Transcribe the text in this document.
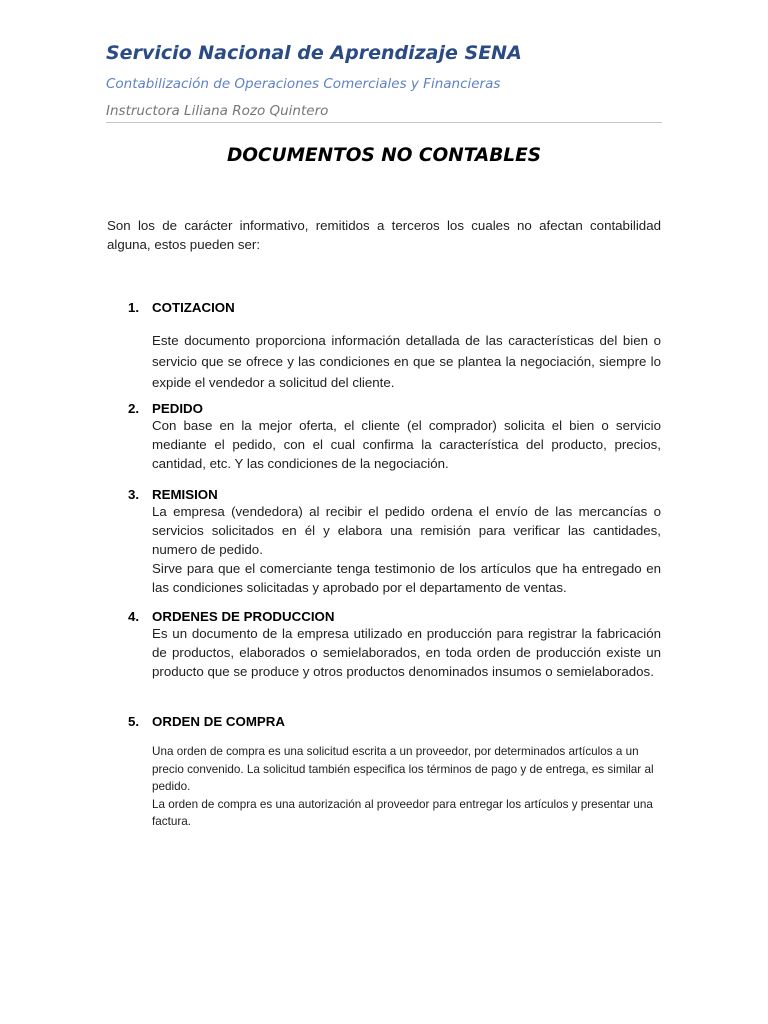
Servicio Nacional de Aprendizaje SENA
Contabilización de Operaciones Comerciales y Financieras
Instructora Liliana Rozo Quintero
DOCUMENTOS NO CONTABLES
Son los de carácter informativo, remitidos a terceros los cuales no afectan contabilidad alguna, estos pueden ser:
1. COTIZACION

Este documento proporciona información detallada de las características del bien o servicio que se ofrece y las condiciones en que se plantea la negociación, siempre lo expide el vendedor a solicitud del cliente.

2. PEDIDO

Con base en la mejor oferta, el cliente (el comprador) solicita el bien o servicio mediante el pedido, con el cual confirma la característica del producto, precios, cantidad, etc. Y las condiciones de la negociación.

3. REMISION

La empresa (vendedora) al recibir el pedido ordena el envío de las mercancías o servicios solicitados en él y elabora una remisión para verificar las cantidades, numero de pedido.

Sirve para que el comerciante tenga testimonio de los artículos que ha entregado en las condiciones solicitadas y aprobado por el departamento de ventas.

4. ORDENES DE PRODUCCION

Es un documento de la empresa utilizado en producción para registrar la fabricación de productos, elaborados o semielaborados, en toda orden de producción existe un producto que se produce y otros productos denominados insumos o semielaborados.

5. ORDEN DE COMPRA

Una orden de compra es una solicitud escrita a un proveedor, por determinados artículos a un precio convenido. La solicitud también especifica los términos de pago y de entrega, es similar al pedido.

La orden de compra es una autorización al proveedor para entregar los artículos y presentar una factura.
